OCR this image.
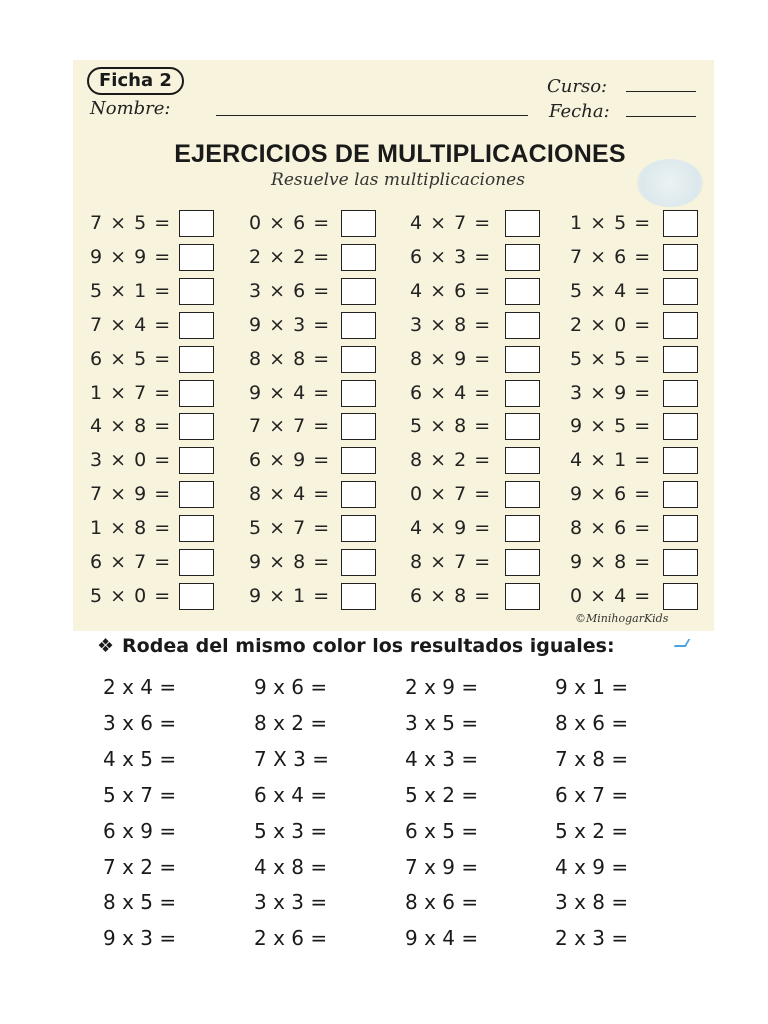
Ficha 2
Nombre:
Curso:
Fecha:
EJERCICIOS DE MULTIPLICACIONES
Resuelve las multiplicaciones
7 × 5 =
9 × 9 =
5 × 1 =
7 × 4 =
6 × 5 =
1 × 7 =
4 × 8 =
3 × 0 =
7 × 9 =
1 × 8 =
6 × 7 =
5 × 0 =
0 × 6 =
2 × 2 =
3 × 6 =
9 × 3 =
8 × 8 =
9 × 4 =
7 × 7 =
6 × 9 =
8 × 4 =
5 × 7 =
9 × 8 =
9 × 1 =
4 × 7 =
6 × 3 =
4 × 6 =
3 × 8 =
8 × 9 =
6 × 4 =
5 × 8 =
8 × 2 =
0 × 7 =
4 × 9 =
8 × 7 =
6 × 8 =
1 × 5 =
7 × 6 =
5 × 4 =
2 × 0 =
5 × 5 =
3 × 9 =
9 × 5 =
4 × 1 =
9 × 6 =
8 × 6 =
9 × 8 =
0 × 4 =
©MinihogarKids
❖ Rodea del mismo color los resultados iguales:
2 x 4 =
3 x 6 =
4 x 5 =
5 x 7 =
6 x 9 =
7 x 2 =
8 x 5 =
9 x 3 =
9 x 6 =
8 x 2 =
7 X 3 =
6 x 4 =
5 x 3 =
4 x 8 =
3 x 3 =
2 x 6 =
2 x 9 =
3 x 5 =
4 x 3 =
5 x 2 =
6 x 5 =
7 x 9 =
8 x 6 =
9 x 4 =
9 x 1 =
8 x 6 =
7 x 8 =
6 x 7 =
5 x 2 =
4 x 9 =
3 x 8 =
2 x 3 =
